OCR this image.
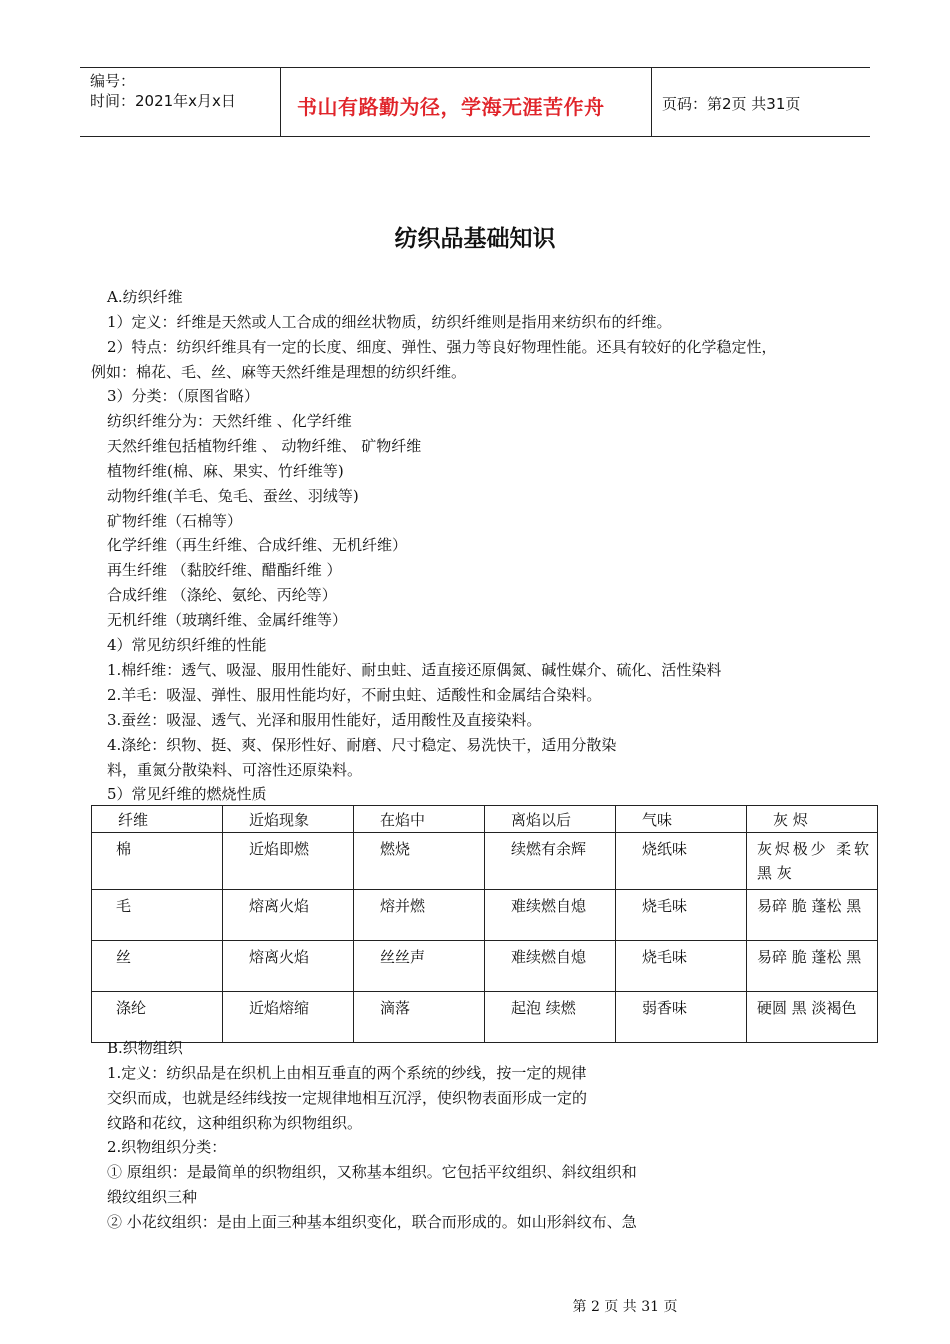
编号：
时间：2021年x月x日	书山有路勤为径，学海无涯苦作舟	页码：第2页 共31页
纺织品基础知识
A.纺织纤维
1）定义：纤维是天然或人工合成的细丝状物质，纺织纤维则是指用来纺织布的纤维。
2）特点：纺织纤维具有一定的长度、细度、弹性、强力等良好物理性能。还具有较好的化学稳定性，
例如：棉花、毛、丝、麻等天然纤维是理想的纺织纤维。
3）分类：（原图省略）
纺织纤维分为：天然纤维 、化学纤维
天然纤维包括植物纤维 、 动物纤维、 矿物纤维
植物纤维(棉、麻、果实、竹纤维等)
动物纤维(羊毛、兔毛、蚕丝、羽绒等)
矿物纤维（石棉等）
化学纤维（再生纤维、合成纤维、无机纤维）
再生纤维 （黏胶纤维、醋酯纤维 ）
合成纤维 （涤纶、氨纶、丙纶等）
无机纤维（玻璃纤维、金属纤维等）
4）常见纺织纤维的性能
1.棉纤维：透气、吸湿、服用性能好、耐虫蛀、适直接还原偶氮、碱性媒介、硫化、活性染料
2.羊毛：吸湿、弹性、服用性能均好，不耐虫蛀、适酸性和金属结合染料。
3.蚕丝：吸湿、透气、光泽和服用性能好，适用酸性及直接染料。
4.涤纶：织物、挺、爽、保形性好、耐磨、尺寸稳定、易洗快干，适用分散染
料，重氮分散染料、可溶性还原染料。
5）常见纤维的燃烧性质
纤维	近焰现象	在焰中	离焰以后	气味	灰 烬
棉	近焰即燃	燃烧	续燃有余辉	烧纸味	灰烬极少 柔软 黑 灰
毛	熔离火焰	熔并燃	难续燃自熄	烧毛味	易碎 脆 蓬松 黑
丝	熔离火焰	丝丝声	难续燃自熄	烧毛味	易碎 脆 蓬松 黑
涤纶	近焰熔缩	滴落	起泡 续燃	弱香味	硬圆 黑 淡褐色
B.织物组织
1.定义：纺织品是在织机上由相互垂直的两个系统的纱线，按一定的规律
交织而成，也就是经纬线按一定规律地相互沉浮，使织物表面形成一定的
纹路和花纹，这种组织称为织物组织。
2.织物组织分类：
① 原组织：是最简单的织物组织，又称基本组织。它包括平纹组织、斜纹组织和
缎纹组织三种
② 小花纹组织：是由上面三种基本组织变化，联合而形成的。如山形斜纹布、急
第 2 页 共 31 页
